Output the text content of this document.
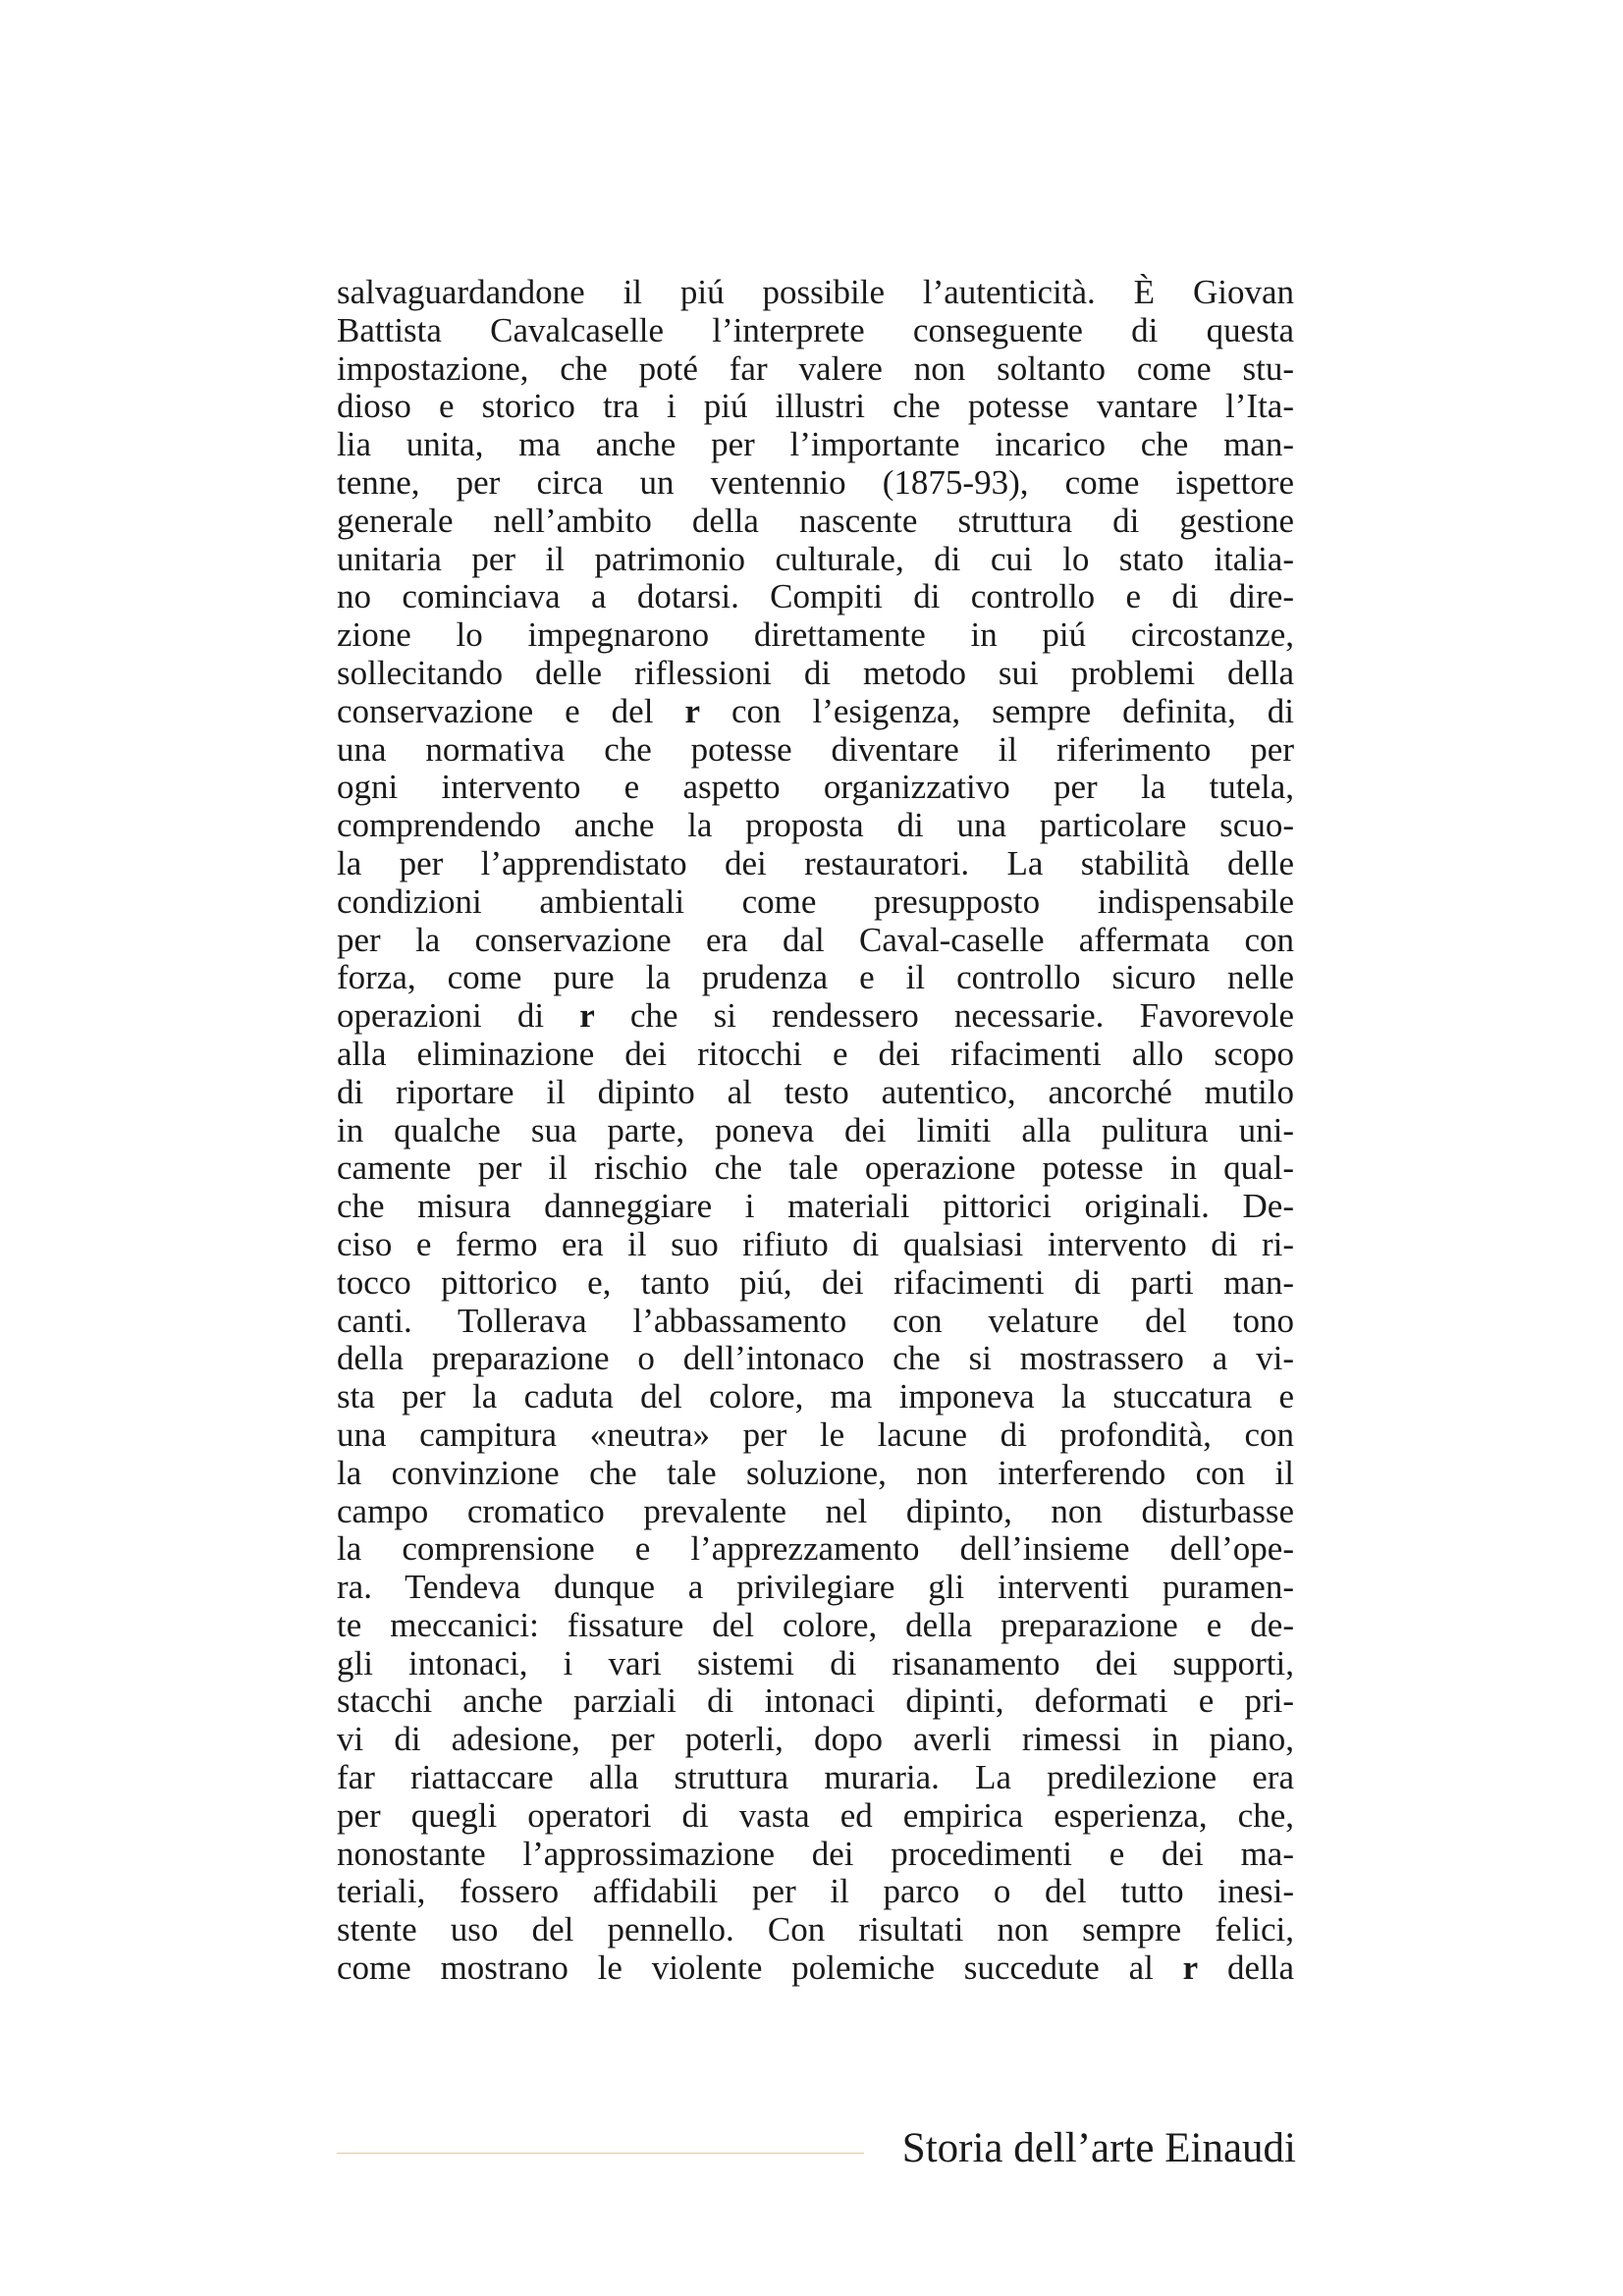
salvaguardandone il piú possibile l’autenticità. È Giovan
Battista Cavalcaselle l’interprete conseguente di questa
impostazione, che poté far valere non soltanto come stu-
dioso e storico tra i piú illustri che potesse vantare l’Ita-
lia unita, ma anche per l’importante incarico che man-
tenne, per circa un ventennio (1875-93), come ispettore
generale nell’ambito della nascente struttura di gestione
unitaria per il patrimonio culturale, di cui lo stato italia-
no cominciava a dotarsi. Compiti di controllo e di dire-
zione lo impegnarono direttamente in piú circostanze,
sollecitando delle riflessioni di metodo sui problemi della
conservazione e del r con l’esigenza, sempre definita, di
una normativa che potesse diventare il riferimento per
ogni intervento e aspetto organizzativo per la tutela,
comprendendo anche la proposta di una particolare scuo-
la per l’apprendistato dei restauratori. La stabilità delle
condizioni ambientali come presupposto indispensabile
per la conservazione era dal Caval-caselle affermata con
forza, come pure la prudenza e il controllo sicuro nelle
operazioni di r che si rendessero necessarie. Favorevole
alla eliminazione dei ritocchi e dei rifacimenti allo scopo
di riportare il dipinto al testo autentico, ancorché mutilo
in qualche sua parte, poneva dei limiti alla pulitura uni-
camente per il rischio che tale operazione potesse in qual-
che misura danneggiare i materiali pittorici originali. De-
ciso e fermo era il suo rifiuto di qualsiasi intervento di ri-
tocco pittorico e, tanto piú, dei rifacimenti di parti man-
canti. Tollerava l’abbassamento con velature del tono
della preparazione o dell’intonaco che si mostrassero a vi-
sta per la caduta del colore, ma imponeva la stuccatura e
una campitura «neutra» per le lacune di profondità, con
la convinzione che tale soluzione, non interferendo con il
campo cromatico prevalente nel dipinto, non disturbasse
la comprensione e l’apprezzamento dell’insieme dell’ope-
ra. Tendeva dunque a privilegiare gli interventi puramen-
te meccanici: fissature del colore, della preparazione e de-
gli intonaci, i vari sistemi di risanamento dei supporti,
stacchi anche parziali di intonaci dipinti, deformati e pri-
vi di adesione, per poterli, dopo averli rimessi in piano,
far riattaccare alla struttura muraria. La predilezione era
per quegli operatori di vasta ed empirica esperienza, che,
nonostante l’approssimazione dei procedimenti e dei ma-
teriali, fossero affidabili per il parco o del tutto inesi-
stente uso del pennello. Con risultati non sempre felici,
come mostrano le violente polemiche succedute al r della
Storia dell’arte Einaudi
